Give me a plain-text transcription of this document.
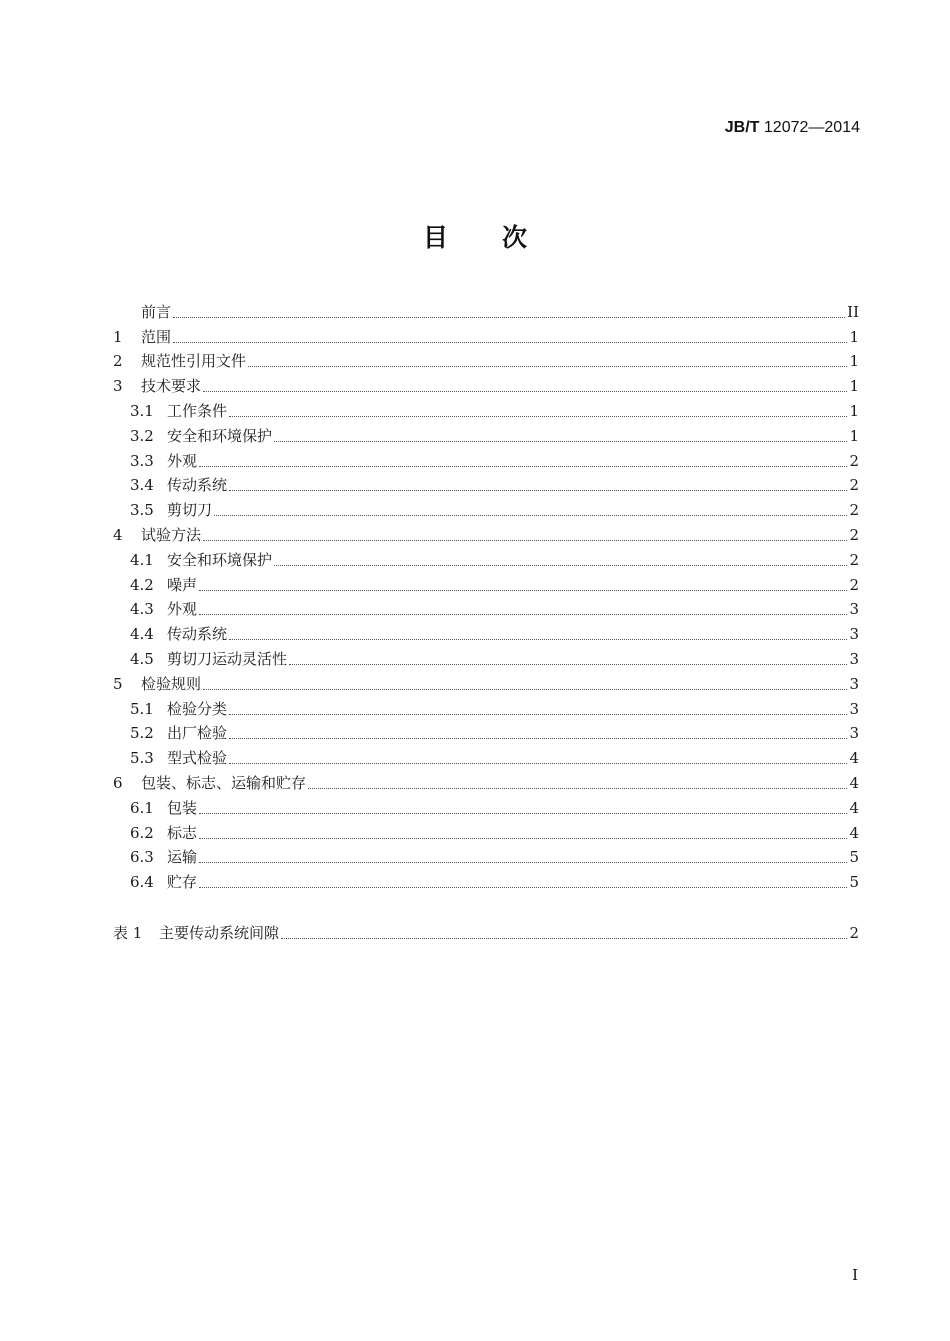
JB/T 12072—2014
目次
前言	II
1	范围	1
2	规范性引用文件	1
3	技术要求	1
3.1 工作条件	1
3.2 安全和环境保护	1
3.3 外观	2
3.4 传动系统	2
3.5 剪切刀	2
4	试验方法	2
4.1 安全和环境保护	2
4.2 噪声	2
4.3 外观	3
4.4 传动系统	3
4.5 剪切刀运动灵活性	3
5	检验规则	3
5.1 检验分类	3
5.2 出厂检验	3
5.3 型式检验	4
6	包装、标志、运输和贮存	4
6.1 包装	4
6.2 标志	4
6.3 运输	5
6.4 贮存	5
表 1	主要传动系统间隙	2
I
